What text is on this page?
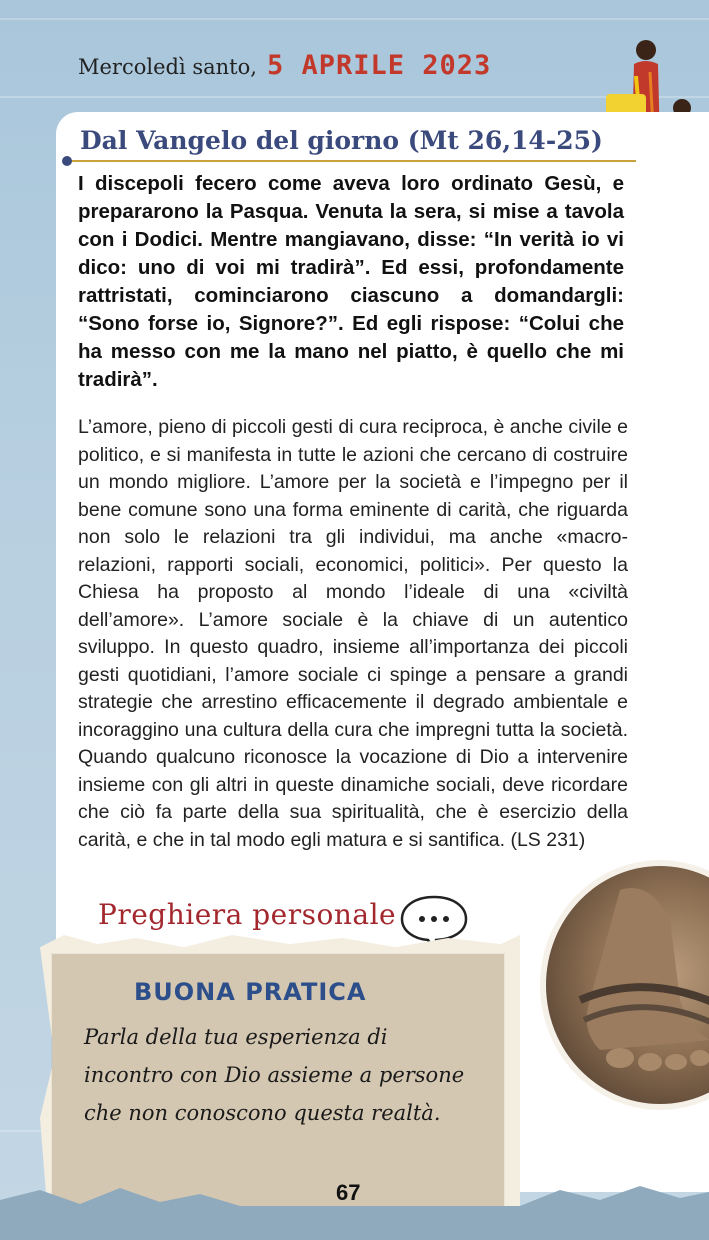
Mercoledì santo, 5 APRILE 2023
Dal Vangelo del giorno (Mt 26,14-25)

I discepoli fecero come aveva loro ordinato Gesù, e prepararono la Pasqua. Venuta la sera, si mise a tavola con i Dodici. Mentre mangiavano, disse: “In verità io vi dico: uno di voi mi tradirà”. Ed essi, profondamente rattristati, cominciarono ciascuno a domandargli: “Sono forse io, Signore?”. Ed egli rispose: “Colui che ha messo con me la mano nel piatto, è quello che mi tradirà”.

L’amore, pieno di piccoli gesti di cura reciproca, è anche civile e politico, e si manifesta in tutte le azioni che cercano di costruire un mondo migliore. L’amore per la società e l’impegno per il bene comune sono una forma eminente di carità, che riguarda non solo le relazioni tra gli individui, ma anche «macro-relazioni, rapporti sociali, economici, politici». Per questo la Chiesa ha proposto al mondo l’ideale di una «civiltà dell’amore». L’amore sociale è la chiave di un autentico sviluppo. In questo quadro, insieme all’importanza dei piccoli gesti quotidiani, l’amore sociale ci spinge a pensare a grandi strategie che arrestino efficacemente il degrado ambientale e incoraggino una cultura della cura che impregni tutta la società. Quando qualcuno riconosce la vocazione di Dio a intervenire insieme con gli altri in queste dinamiche sociali, deve ricordare che ciò fa parte della sua spiritualità, che è esercizio della carità, e che in tal modo egli matura e si santifica. (LS 231)

Preghiera personale
BUONA PRATICA

Parla della tua esperienza di incontro con Dio assieme a persone che non conoscono questa realtà.

67
